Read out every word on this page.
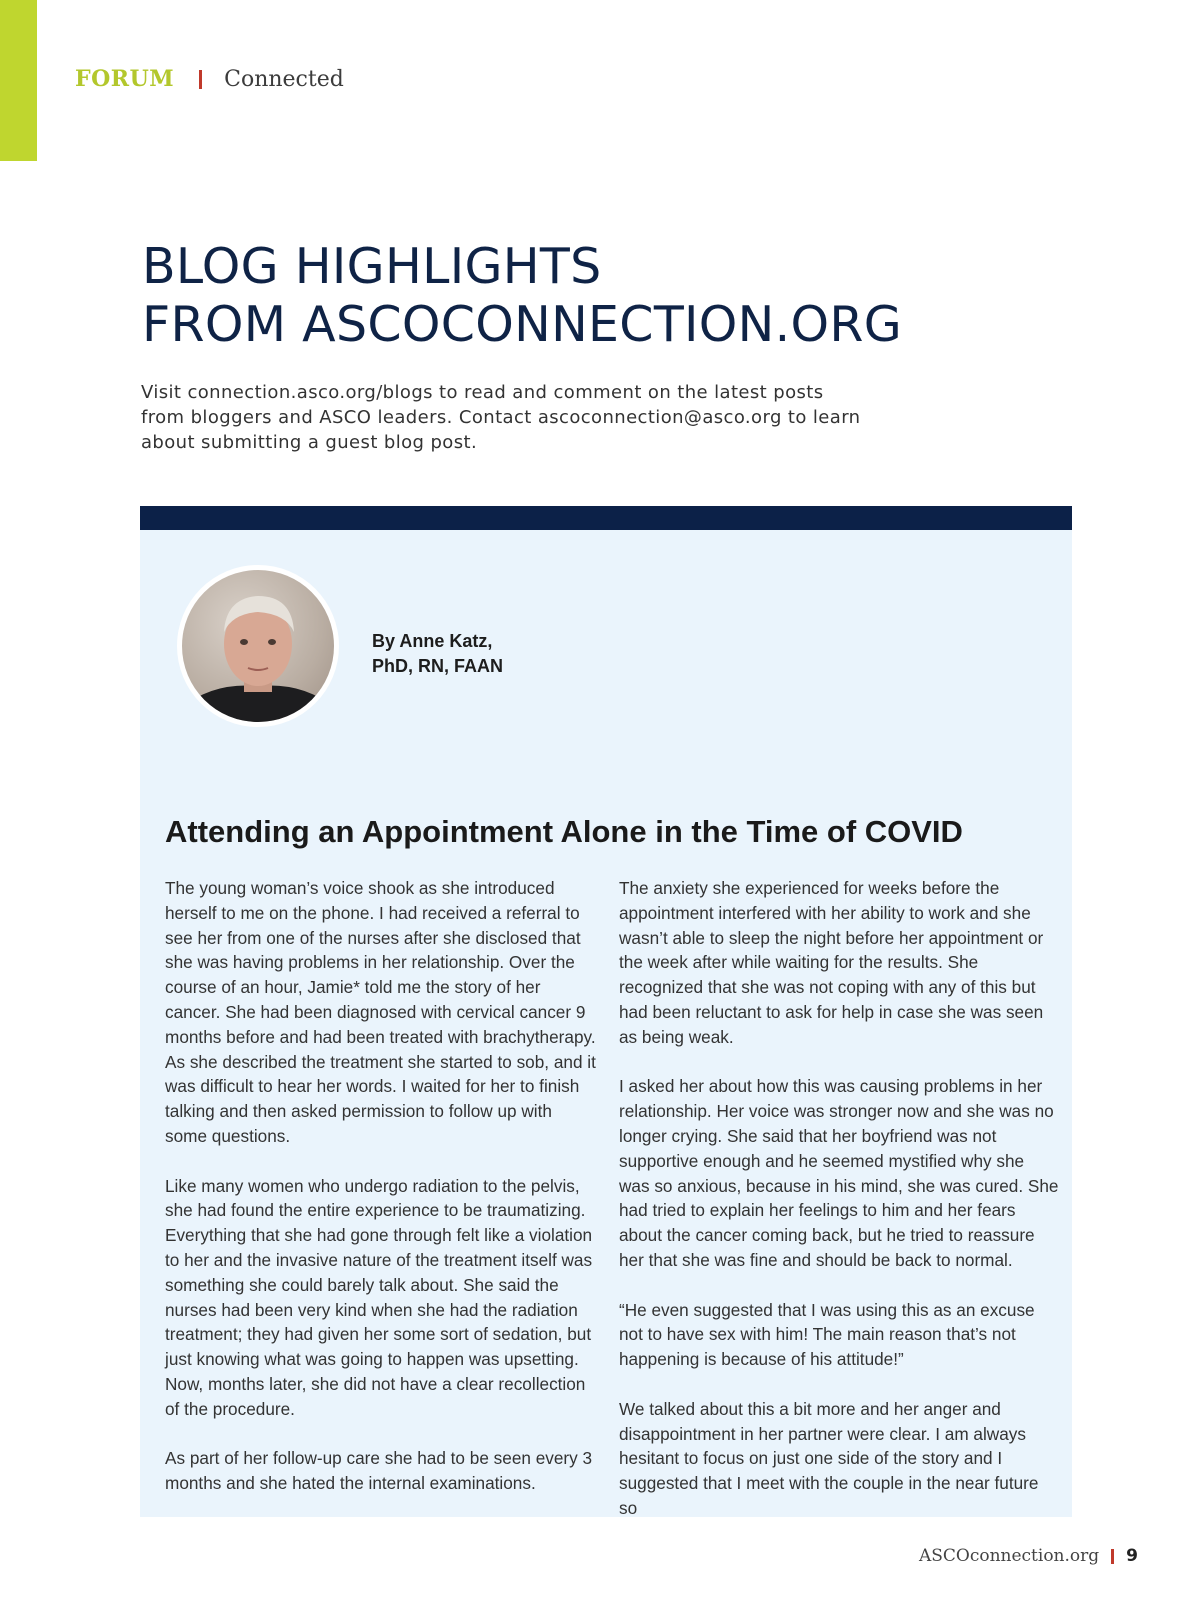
FORUM Connected
BLOG HIGHLIGHTS
FROM ASCOCONNECTION.ORG

Visit connection.asco.org/blogs to read and comment on the latest posts from bloggers and ASCO leaders. Contact ascoconnection@asco.org to learn about submitting a guest blog post.

By Anne Katz,
PhD, RN, FAAN

Attending an Appointment Alone in the Time of COVID

The young woman’s voice shook as she introduced herself to me on the phone. I had received a referral to see her from one of the nurses after she disclosed that she was having problems in her relationship. Over the course of an hour, Jamie* told me the story of her cancer. She had been diagnosed with cervical cancer 9 months before and had been treated with brachytherapy. As she described the treatment she started to sob, and it was difficult to hear her words. I waited for her to finish talking and then asked permission to follow up with some questions.

Like many women who undergo radiation to the pelvis, she had found the entire experience to be traumatizing. Everything that she had gone through felt like a violation to her and the invasive nature of the treatment itself was something she could barely talk about. She said the nurses had been very kind when she had the radiation treatment; they had given her some sort of sedation, but just knowing what was going to happen was upsetting. Now, months later, she did not have a clear recollection of the procedure.

As part of her follow-up care she had to be seen every 3 months and she hated the internal examinations.

The anxiety she experienced for weeks before the appointment interfered with her ability to work and she wasn’t able to sleep the night before her appointment or the week after while waiting for the results. She recognized that she was not coping with any of this but had been reluctant to ask for help in case she was seen as being weak.

I asked her about how this was causing problems in her relationship. Her voice was stronger now and she was no longer crying. She said that her boyfriend was not supportive enough and he seemed mystified why she was so anxious, because in his mind, she was cured. She had tried to explain her feelings to him and her fears about the cancer coming back, but he tried to reassure her that she was fine and should be back to normal.

“He even suggested that I was using this as an excuse not to have sex with him! The main reason that’s not happening is because of his attitude!”

We talked about this a bit more and her anger and disappointment in her partner were clear. I am always hesitant to focus on just one side of the story and I suggested that I meet with the couple in the near future so

ASCOconnection.org 9
